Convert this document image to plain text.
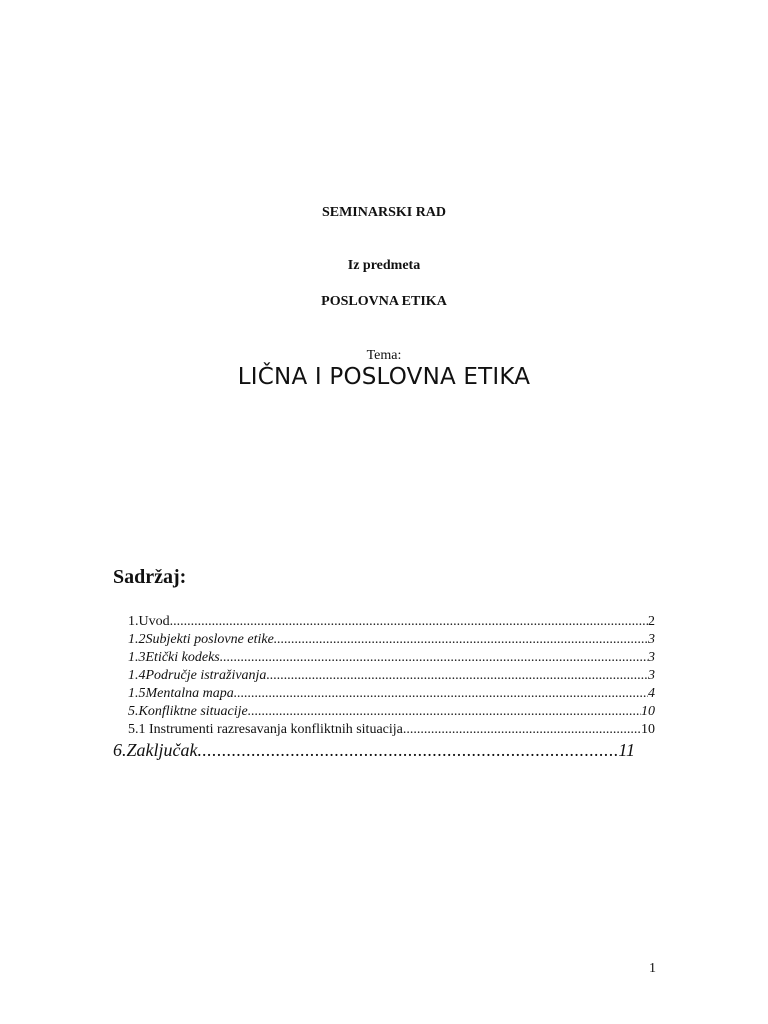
SEMINARSKI RAD
Iz predmeta
POSLOVNA ETIKA
Tema:
LIČNA I POSLOVNA ETIKA
Sadržaj:
1.Uvod .....	2
1.2Subjekti poslovne etike .....	3
1.3Etički kodeks .....	3
1.4Područje istraživanja .....	3
1.5Mentalna mapa .....	4
5.Konfliktne situacije .....	10
5.1 Instrumenti razresavanja konfliktnih situacija .....	10
6.Zaključak .....	11
1
